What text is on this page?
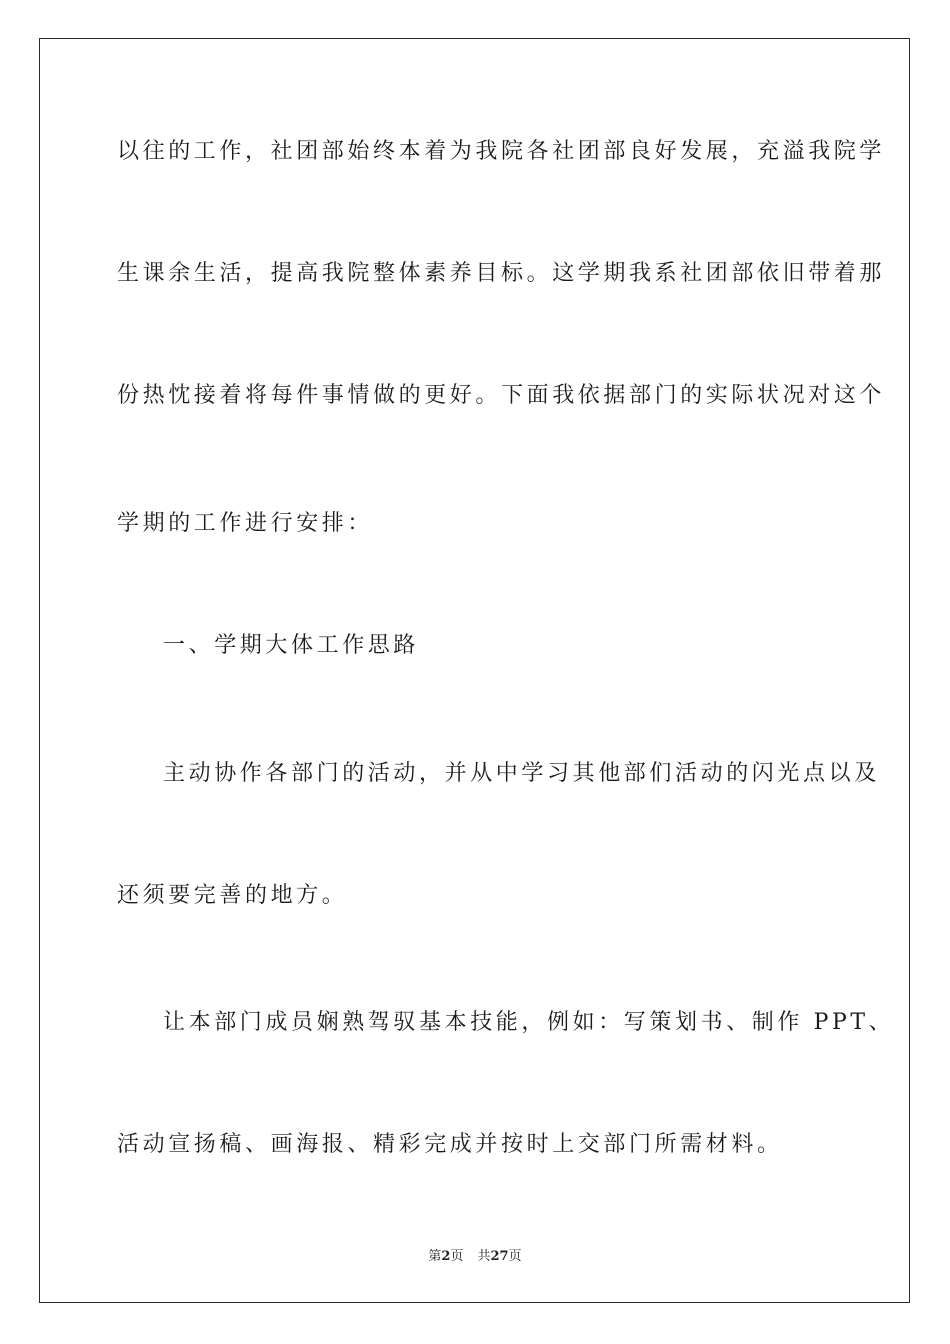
以往的工作，社团部始终本着为我院各社团部良好发展，充溢我院学
生课余生活，提高我院整体素养目标。这学期我系社团部依旧带着那
份热忱接着将每件事情做的更好。下面我依据部门的实际状况对这个
学期的工作进行安排：
一、学期大体工作思路
主动协作各部门的活动，并从中学习其他部们活动的闪光点以及
还须要完善的地方。
让本部门成员娴熟驾驭基本技能，例如：写策划书、制作 PPT、
活动宣扬稿、画海报、精彩完成并按时上交部门所需材料。
第2页 共27页
